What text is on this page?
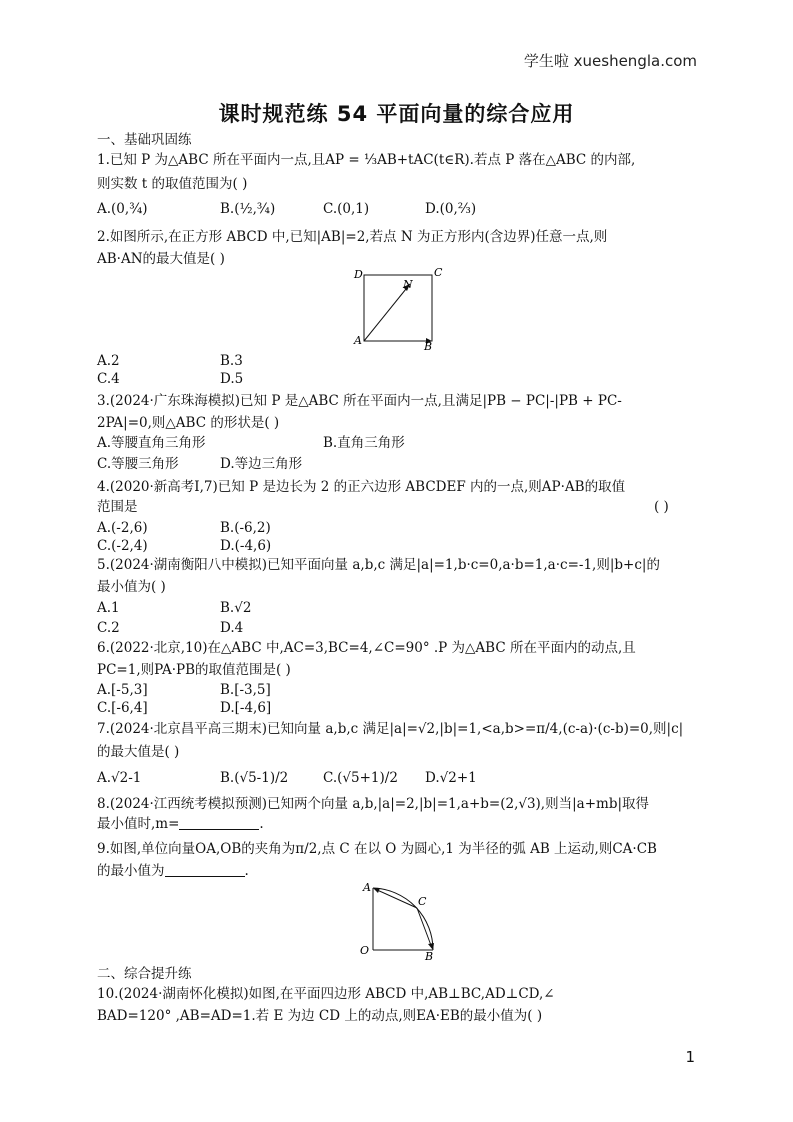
学生啦 xueshengla.com
课时规范练 54 平面向量的综合应用
一、基础巩固练
1.已知 P 为△ABC 所在平面内一点,且AP = ⅓AB+tAC(t∈R).若点 P 落在△ABC 的内部,
则实数 t 的取值范围为( )
A.(0,¾)	B.(½,¾)	C.(0,1)	D.(0,⅔)
2.如图所示,在正方形 ABCD 中,已知|AB|=2,若点 N 为正方形内(含边界)任意一点,则
AB·AN的最大值是( )
D	C
N
A	B
A.2	B.3
C.4	D.5
3.(2024·广东珠海模拟)已知 P 是△ABC 所在平面内一点,且满足|PB − PC|-|PB + PC-
2PA|=0,则△ABC 的形状是( )
A.等腰直角三角形	B.直角三角形
C.等腰三角形	D.等边三角形
4.(2020·新高考Ⅰ,7)已知 P 是边长为 2 的正六边形 ABCDEF 内的一点,则AP·AB的取值
范围是	( )
A.(-2,6)	B.(-6,2)
C.(-2,4)	D.(-4,6)
5.(2024·湖南衡阳八中模拟)已知平面向量 a,b,c 满足|a|=1,b·c=0,a·b=1,a·c=-1,则|b+c|的
最小值为( )
A.1	B.√2
C.2	D.4
6.(2022·北京,10)在△ABC 中,AC=3,BC=4,∠C=90° .P 为△ABC 所在平面内的动点,且
PC=1,则PA·PB的取值范围是( )
A.[-5,3]	B.[-3,5]
C.[-6,4]	D.[-4,6]
7.(2024·北京昌平高三期末)已知向量 a,b,c 满足|a|=√2,|b|=1,<a,b>=π/4,(c-a)·(c-b)=0,则|c|
的最大值是( )
A.√2-1	B.(√5-1)/2	C.(√5+1)/2 D.√2+1
8.(2024·江西统考模拟预测)已知两个向量 a,b,|a|=2,|b|=1,a+b=(2,√3),则当|a+mb|取得
最小值时,m=	.
9.如图,单位向量OA,OB的夹角为π/2,点 C 在以 O 为圆心,1 为半径的弧 AB 上运动,则CA·CB
的最小值为	.
A
C
O	B
二、综合提升练
10.(2024·湖南怀化模拟)如图,在平面四边形 ABCD 中,AB⊥BC,AD⊥CD,∠
BAD=120° ,AB=AD=1.若 E 为边 CD 上的动点,则EA·EB的最小值为( )
1
